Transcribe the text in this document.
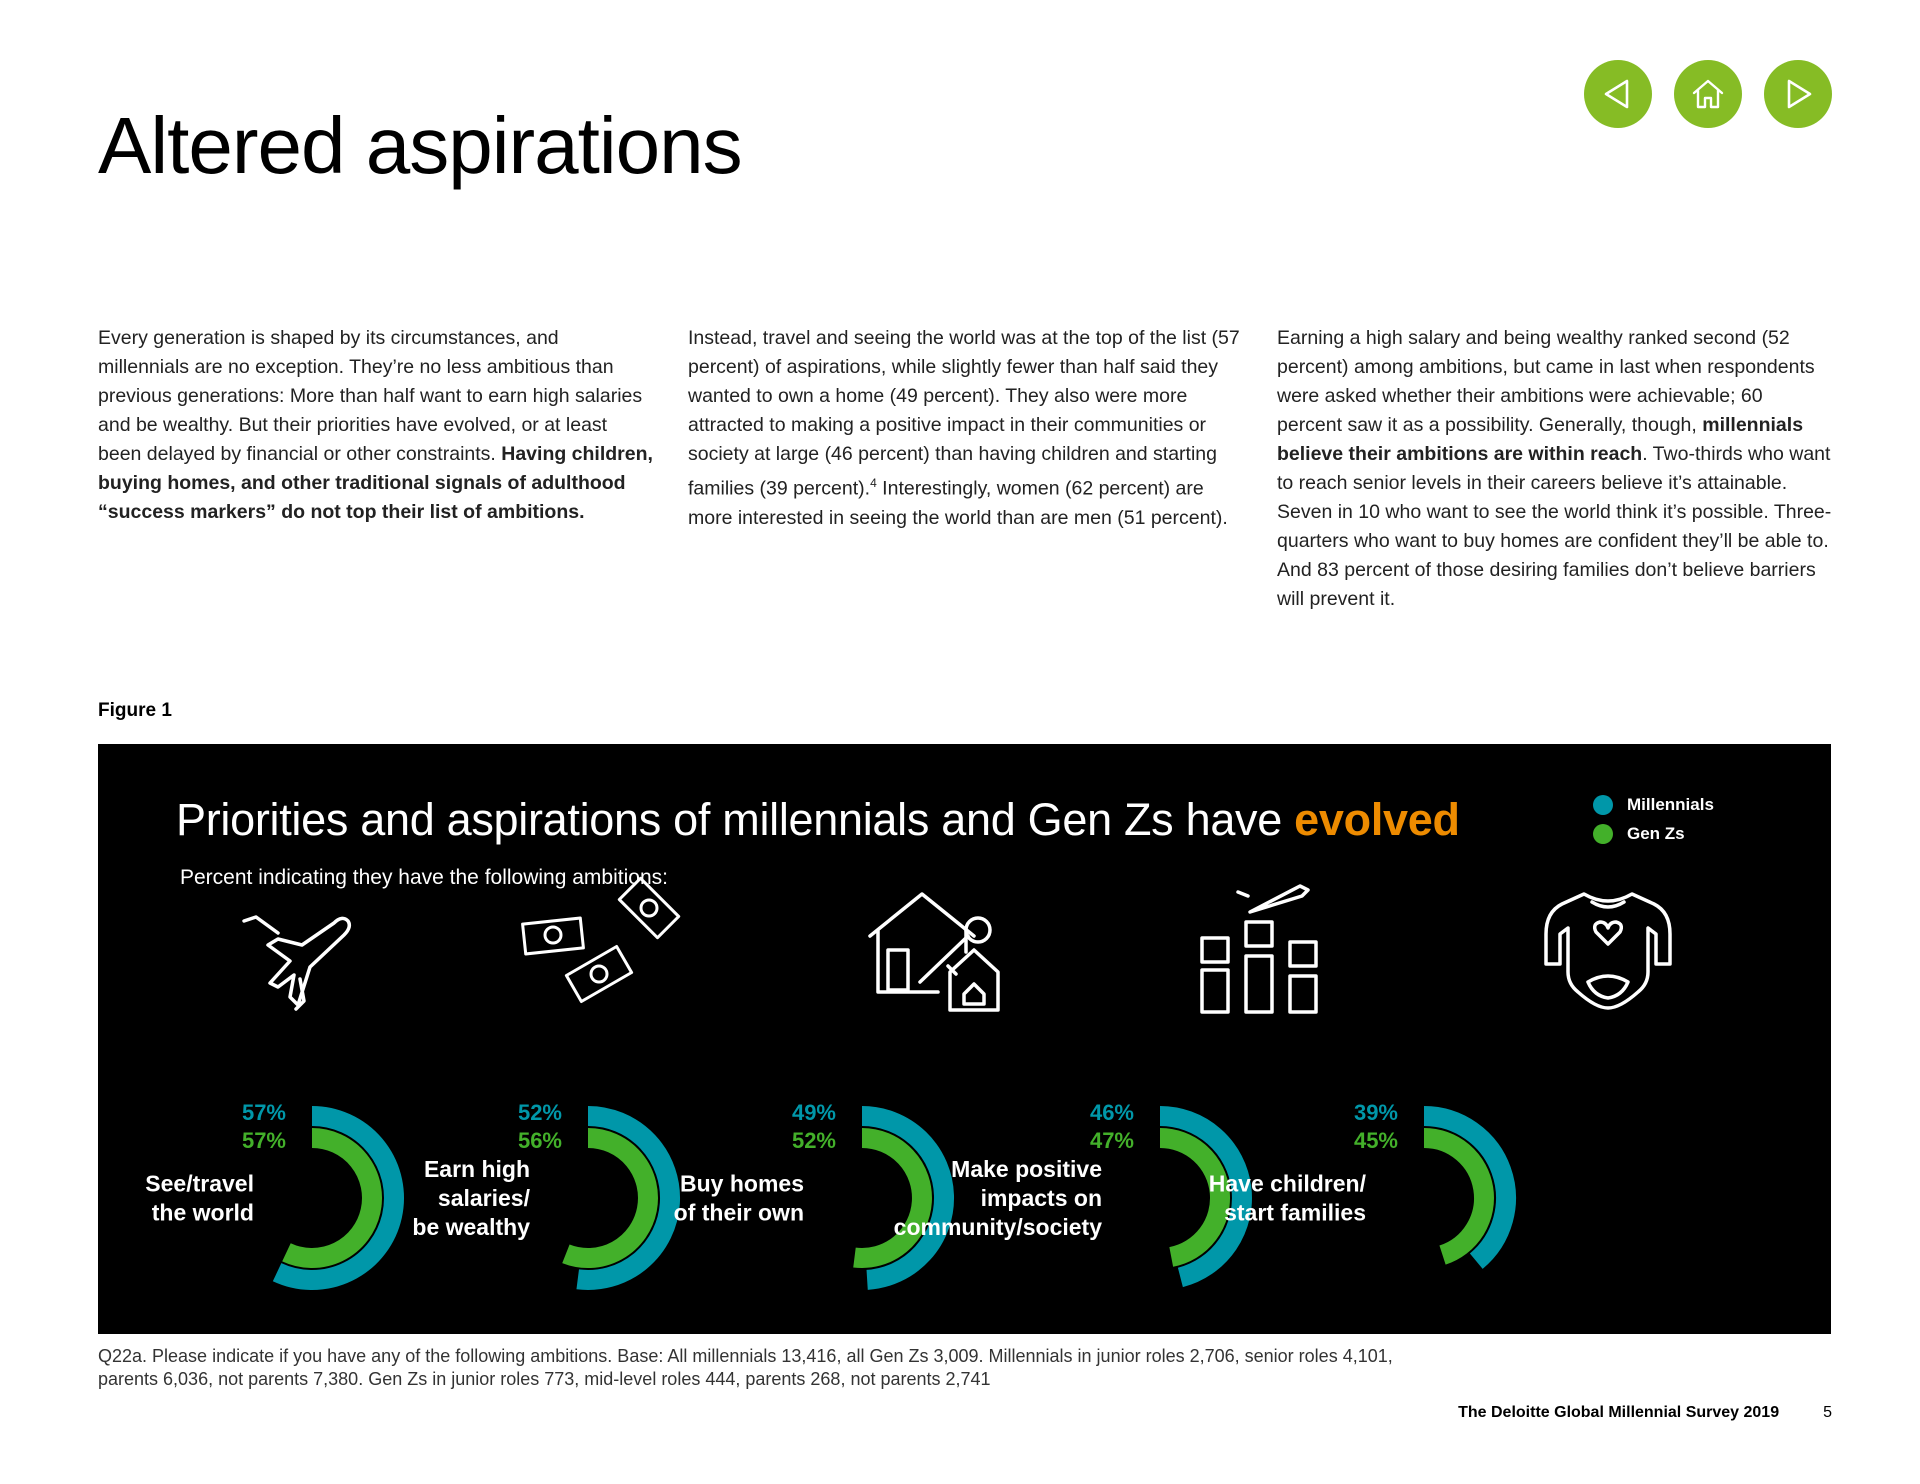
Altered aspirations

Every generation is shaped by its circumstances, and millennials are no exception. They’re no less ambitious than previous generations: More than half want to earn high salaries and be wealthy. But their priorities have evolved, or at least been delayed by financial or other constraints. Having children, buying homes, and other traditional signals of adulthood “success markers” do not top their list of ambitions.

Instead, travel and seeing the world was at the top of the list (57 percent) of aspirations, while slightly fewer than half said they wanted to own a home (49 percent). They also were more attracted to making a positive impact in their communities or society at large (46 percent) than having children and starting families (39 percent).$^4$ Interestingly, women (62 percent) are more interested in seeing the world than are men (51 percent).

Earning a high salary and being wealthy ranked second (52 percent) among ambitions, but came in last when respondents were asked whether their ambitions were achievable; 60 percent saw it as a possibility. Generally, though, millennials believe their ambitions are within reach. Two-thirds who want to reach senior levels in their careers believe it’s attainable. Seven in 10 who want to see the world think it’s possible. Three-quarters who want to buy homes are confident they’ll be able to. And 83 percent of those desiring families don’t believe barriers will prevent it.

Figure 1
Priorities and aspirations of millennials and Gen Zs have evolved
Percent indicating they have the following ambitions:
Millennials
Gen Zs
57%
57%
See/travel
the world
52%
56%
Earn high
salaries/
be wealthy
49%
52%
Buy homes
of their own
46%
47%
Make positive
impacts on
community/society
39%
45%
Have children/
start families
Q22a. Please indicate if you have any of the following ambitions. Base: All millennials 13,416, all Gen Zs 3,009. Millennials in junior roles 2,706, senior roles 4,101, parents 6,036, not parents 7,380. Gen Zs in junior roles 773, mid-level roles 444, parents 268, not parents 2,741
The Deloitte Global Millennial Survey 2019	5
